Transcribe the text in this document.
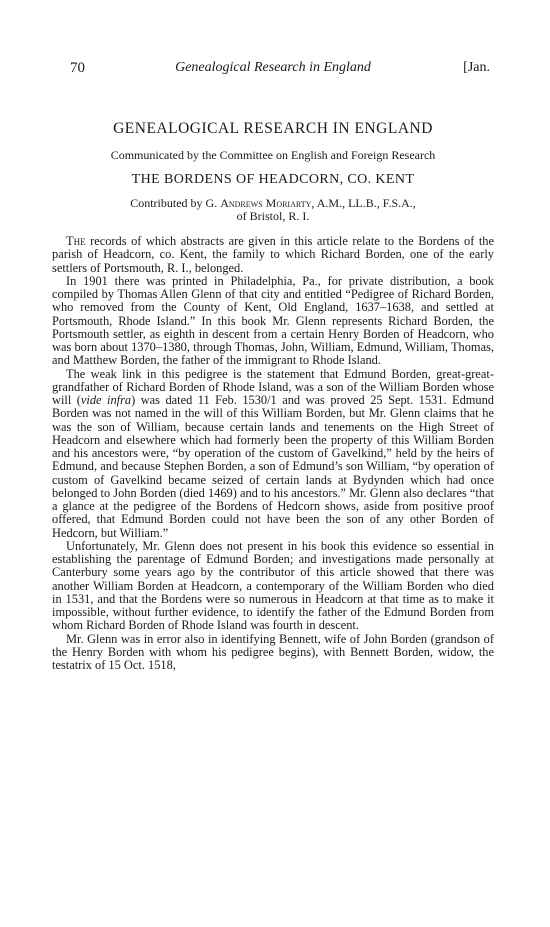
70	Genealogical Research in England	[Jan.
GENEALOGICAL RESEARCH IN ENGLAND
Communicated by the Committee on English and Foreign Research
THE BORDENS OF HEADCORN, CO. KENT
Contributed by G. Andrews Moriarty, A.M., LL.B., F.S.A.,
of Bristol, R. I.

The records of which abstracts are given in this article relate to the Bordens of the parish of Headcorn, co. Kent, the family to which Richard Borden, one of the early settlers of Portsmouth, R. I., belonged.

In 1901 there was printed in Philadelphia, Pa., for private distribution, a book compiled by Thomas Allen Glenn of that city and entitled “Pedigree of Richard Borden, who removed from the County of Kent, Old England, 1637–1638, and settled at Portsmouth, Rhode Island.” In this book Mr. Glenn represents Richard Borden, the Portsmouth settler, as eighth in descent from a certain Henry Borden of Headcorn, who was born about 1370–1380, through Thomas, John, William, Edmund, William, Thomas, and Matthew Borden, the father of the immigrant to Rhode Island.

The weak link in this pedigree is the statement that Edmund Borden, great-great-grandfather of Richard Borden of Rhode Island, was a son of the William Borden whose will (vide infra) was dated 11 Feb. 1530/1 and was proved 25 Sept. 1531. Edmund Borden was not named in the will of this William Borden, but Mr. Glenn claims that he was the son of William, because certain lands and tenements on the High Street of Headcorn and elsewhere which had formerly been the property of this William Borden and his ancestors were, “by operation of the custom of Gavelkind,” held by the heirs of Edmund, and because Stephen Borden, a son of Edmund’s son William, “by operation of custom of Gavelkind became seized of certain lands at Bydynden which had once belonged to John Borden (died 1469) and to his ancestors.” Mr. Glenn also declares “that a glance at the pedigree of the Bordens of Hedcorn shows, aside from positive proof offered, that Edmund Borden could not have been the son of any other Borden of Hedcorn, but William.”

Unfortunately, Mr. Glenn does not present in his book this evidence so essential in establishing the parentage of Edmund Borden; and investigations made personally at Canterbury some years ago by the contributor of this article showed that there was another William Borden at Headcorn, a contemporary of the William Borden who died in 1531, and that the Bordens were so numerous in Headcorn at that time as to make it impossible, without further evidence, to identify the father of the Edmund Borden from whom Richard Borden of Rhode Island was fourth in descent.

Mr. Glenn was in error also in identifying Bennett, wife of John Borden (grandson of the Henry Borden with whom his pedigree begins), with Bennett Borden, widow, the testatrix of 15 Oct. 1518,
